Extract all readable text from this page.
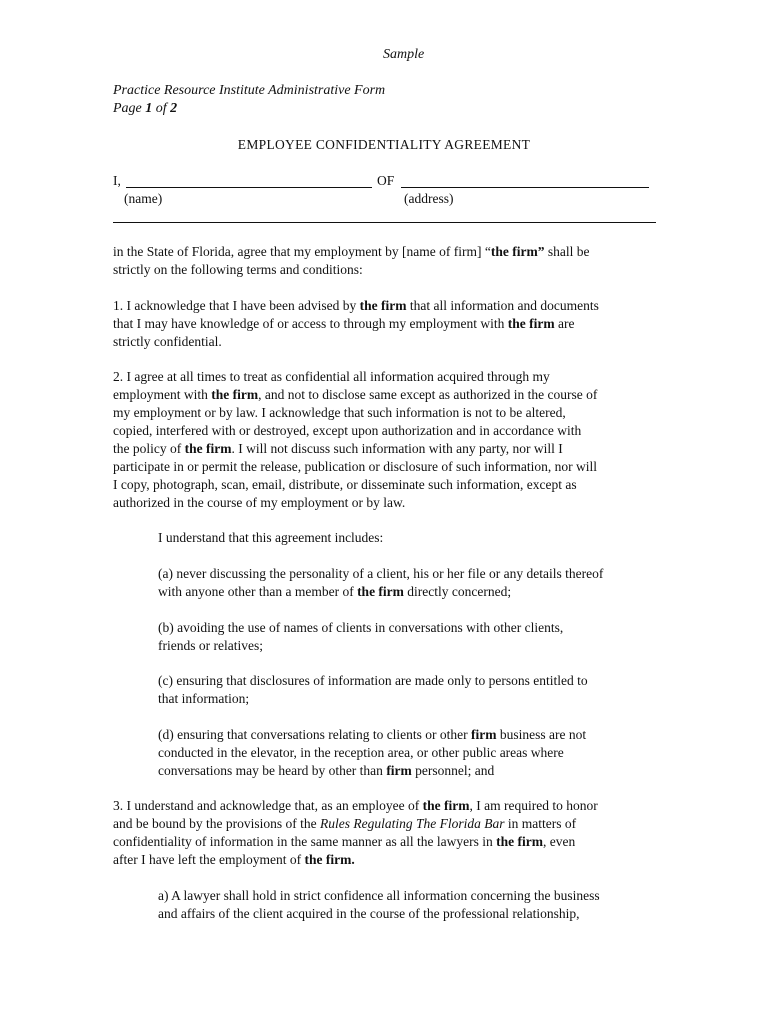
Sample
Practice Resource Institute Administrative Form
Page 1 of 2
EMPLOYEE CONFIDENTIALITY AGREEMENT
I,	OF
(name)	(address)
in the State of Florida, agree that my employment by [name of firm] “the firm” shall be
strictly on the following terms and conditions:
1. I acknowledge that I have been advised by the firm that all information and documents
that I may have knowledge of or access to through my employment with the firm are
strictly confidential.
2. I agree at all times to treat as confidential all information acquired through my
employment with the firm, and not to disclose same except as authorized in the course of
my employment or by law. I acknowledge that such information is not to be altered,
copied, interfered with or destroyed, except upon authorization and in accordance with
the policy of the firm. I will not discuss such information with any party, nor will I
participate in or permit the release, publication or disclosure of such information, nor will
I copy, photograph, scan, email, distribute, or disseminate such information, except as
authorized in the course of my employment or by law.
I understand that this agreement includes:
(a) never discussing the personality of a client, his or her file or any details thereof
with anyone other than a member of the firm directly concerned;
(b) avoiding the use of names of clients in conversations with other clients,
friends or relatives;
(c) ensuring that disclosures of information are made only to persons entitled to
that information;
(d) ensuring that conversations relating to clients or other firm business are not
conducted in the elevator, in the reception area, or other public areas where
conversations may be heard by other than firm personnel; and
3. I understand and acknowledge that, as an employee of the firm, I am required to honor
and be bound by the provisions of the Rules Regulating The Florida Bar in matters of
confidentiality of information in the same manner as all the lawyers in the firm, even
after I have left the employment of the firm.
a) A lawyer shall hold in strict confidence all information concerning the business
and affairs of the client acquired in the course of the professional relationship,
